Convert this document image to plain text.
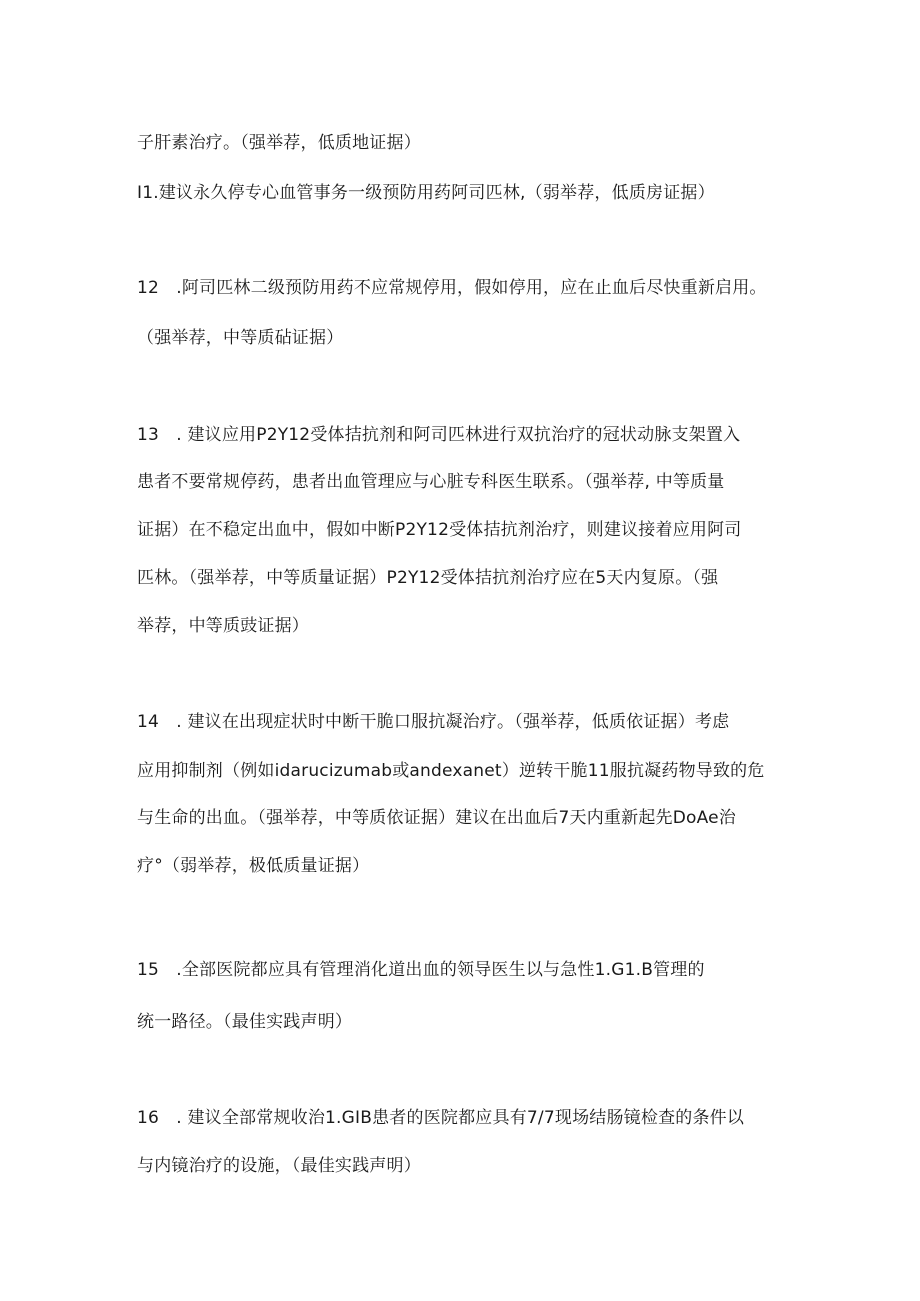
子肝素治疗。（强举荐，低质地证据）

I1.建议永久停专心血管事务一级预防用药阿司匹林,（弱举荐，低质房证据）

12　.阿司匹林二级预防用药不应常规停用，假如停用，应在止血后尽快重新启用。

（强举荐，中等质砧证据）

13　. 建议应用P2Y12受体拮抗剂和阿司匹林进行双抗治疗的冠状动脉支架置入

患者不要常规停药，患者出血管理应与心脏专科医生联系。（强举荐, 中等质量

证据）在不稳定出血中，假如中断P2Y12受体拮抗剂治疗，则建议接着应用阿司

匹林。（强举荐，中等质量证据）P2Y12受体拮抗剂治疗应在5天内复原。（强

举荐，中等质豉证据）

14　. 建议在出现症状时中断干脆口服抗凝治疗。（强举荐，低质依证据）考虑

应用抑制剂（例如idarucizumab或andexanet）逆转干脆11服抗凝药物导致的危

与生命的出血。（强举荐，中等质依证据）建议在出血后7天内重新起先DoAe治

疗°（弱举荐，极低质量证据）

15　.全部医院都应具有管理消化道出血的领导医生以与急性1.G1.B管理的

统一路径。（最佳实践声明）

16　. 建议全部常规收治1.GIB患者的医院都应具有7/7现场结肠镜检查的条件以

与内镜治疗的设施，（最佳实践声明）
